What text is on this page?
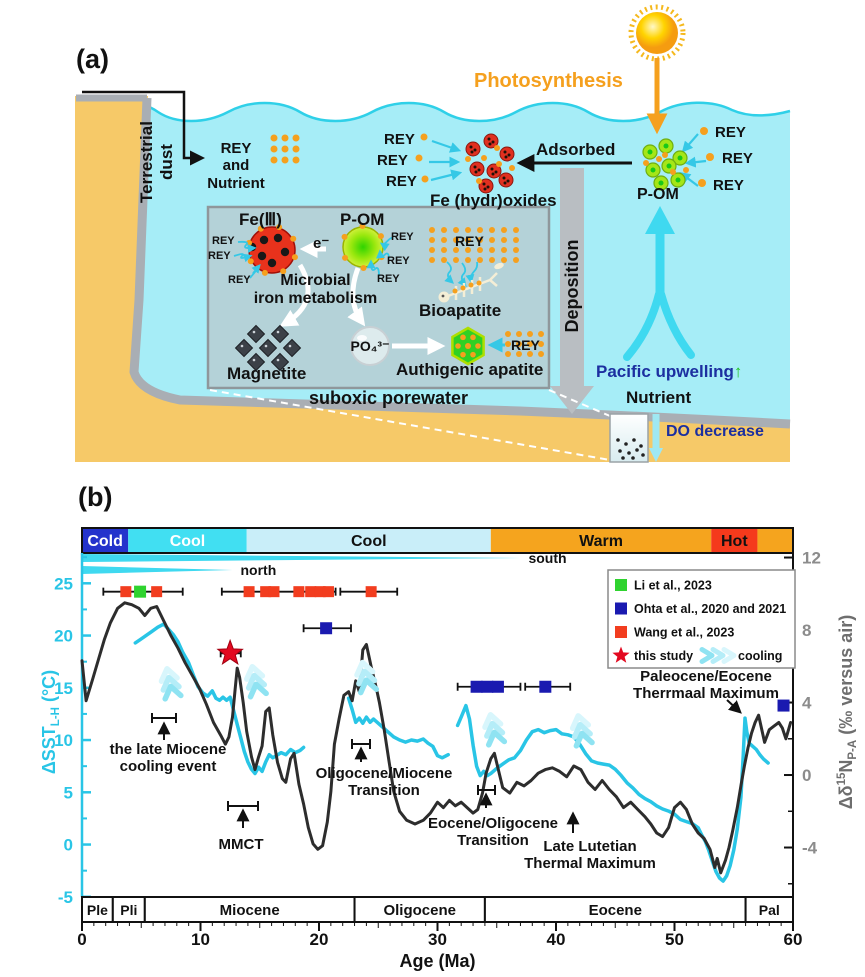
(a)
Photosynthesis
Terrestrial
dust	REY
and
Nutrient
REY
REY
REY
Fe (hydr)oxides
Adsorbed
P-OM
REY
REY
REY
Fe(Ⅲ)
e⁻
P-OM
Microbial
iron metabolism
REY
REY
REY
REY
REY
REY
Magnetite
PO₄³⁻
REY
Bioapatite
REY
Authigenic apatite
suboxic porewater
Deposition
Pacific upwelling↑
Nutrient
DO decrease
Cold	Cool	Cool	Warm	Hot
south
north
25
20
15
10
5
0
-5
12
8
4
0
-4
$\Delta SST_{L-H}$ (°C)
$\Delta\delta^{15}N_{P-A}$ (‰ versus air)
the late Miocene
cooling event
MMCT
Oligocene/Miocene
Transition
Eocene/Oligocene
Transition Late Lutetian
Thermal Maximum
Paleocene/Eocene
Therrmaal Maximum
Li et al., 2023
Ohta et al., 2020 and 2021
Wang et al., 2023
this study	cooling
Ple Pli	Miocene	Oligocene	Eocene	Pal
0	10	20	30	40	50	60
Age (Ma)
(b)
